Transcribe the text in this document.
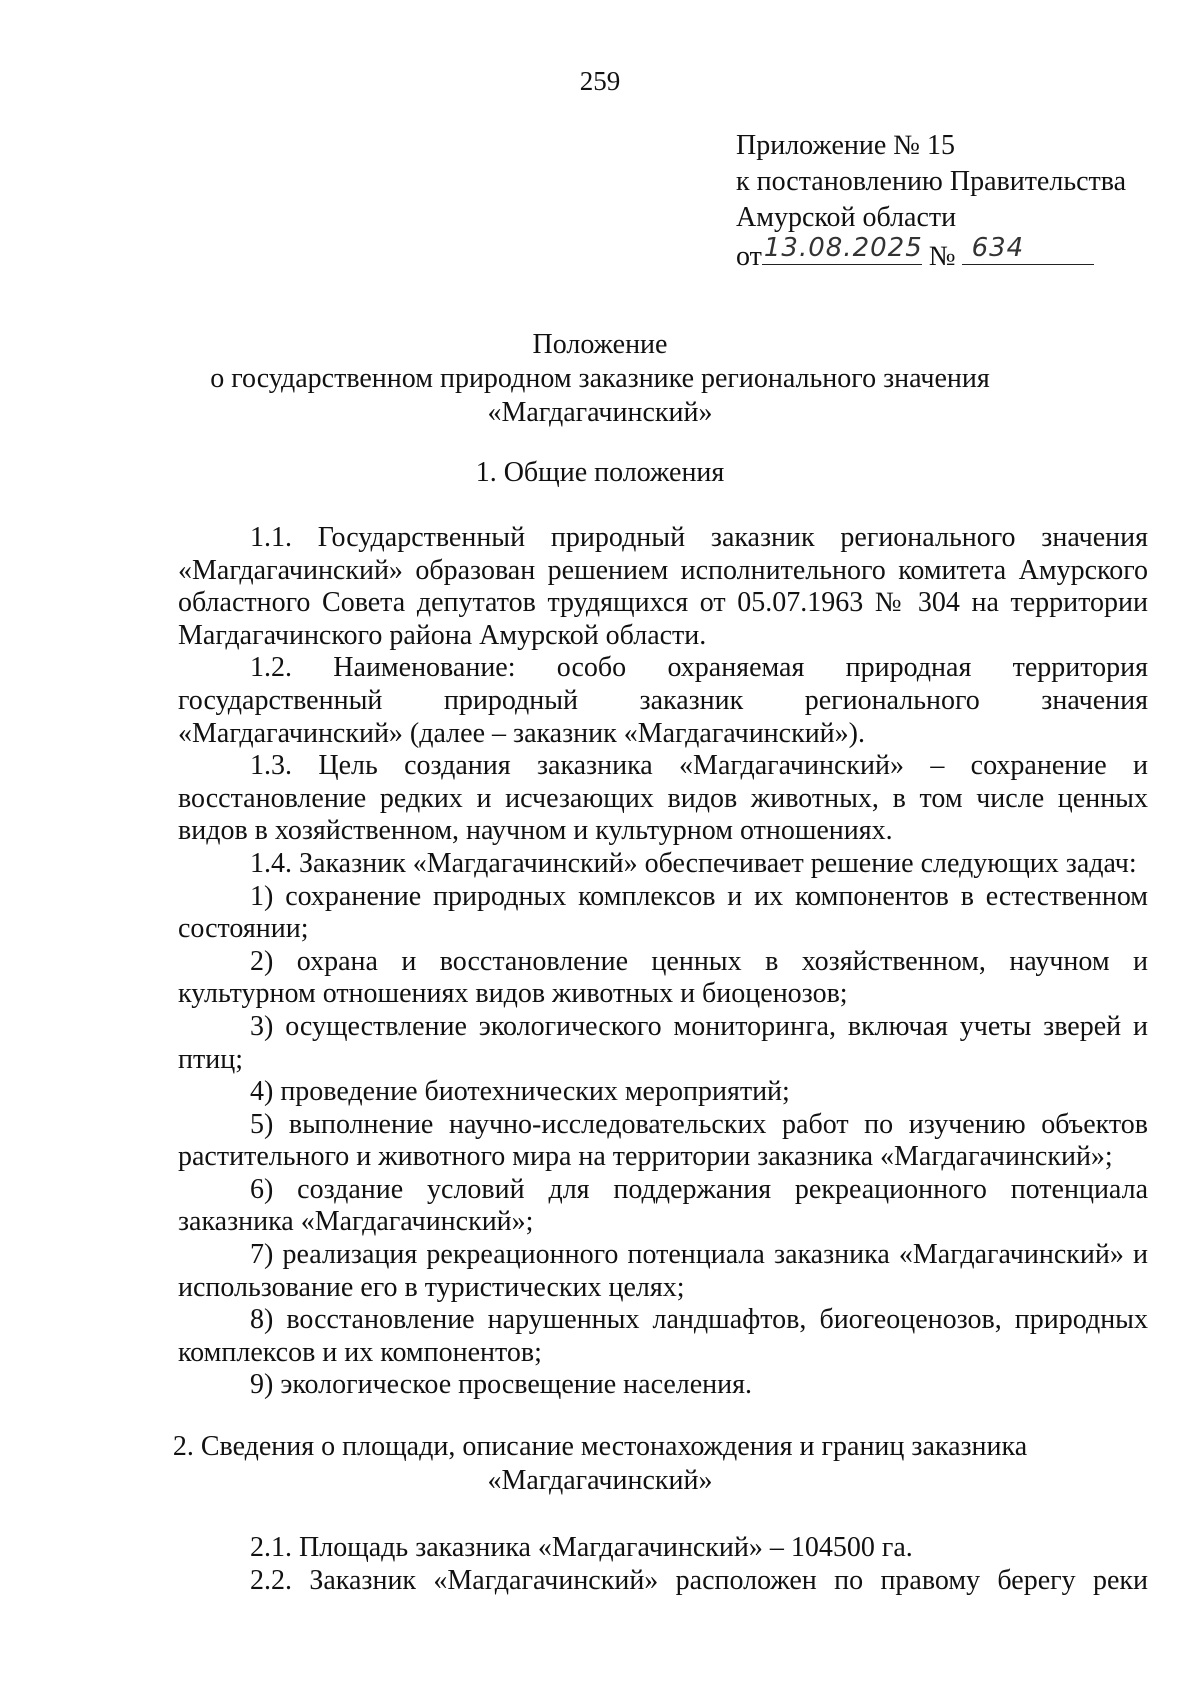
259
Приложение № 15
к постановлению Правительства
Амурской области
от 13.08.2025 № 634
Положение
о государственном природном заказнике регионального значения
«Магдагачинский»
1. Общие положения

1.1. Государственный природный заказник регионального значения «Магдагачинский» образован решением исполнительного комитета Амурского областного Совета депутатов трудящихся от 05.07.1963 № 304 на территории Магдагачинского района Амурской области.

1.2. Наименование: особо охраняемая природная территория государственный природный заказник регионального значения «Магдагачинский» (далее – заказник «Магдагачинский»).

1.3. Цель создания заказника «Магдагачинский» – сохранение и восстановление редких и исчезающих видов животных, в том числе ценных видов в хозяйственном, научном и культурном отношениях.

1.4. Заказник «Магдагачинский» обеспечивает решение следующих задач:

1) сохранение природных комплексов и их компонентов в естественном состоянии;

2) охрана и восстановление ценных в хозяйственном, научном и культурном отношениях видов животных и биоценозов;

3) осуществление экологического мониторинга, включая учеты зверей и птиц;

4) проведение биотехнических мероприятий;

5) выполнение научно-исследовательских работ по изучению объектов растительного и животного мира на территории заказника «Магдагачинский»;

6) создание условий для поддержания рекреационного потенциала заказника «Магдагачинский»;

7) реализация рекреационного потенциала заказника «Магдагачинский» и использование его в туристических целях;

8) восстановление нарушенных ландшафтов, биогеоценозов, природных комплексов и их компонентов;

9) экологическое просвещение населения.

2. Сведения о площади, описание местонахождения и границ заказника
«Магдагачинский»

2.1. Площадь заказника «Магдагачинский» – 104500 га.

2.2. Заказник «Магдагачинский» расположен по правому берегу реки
